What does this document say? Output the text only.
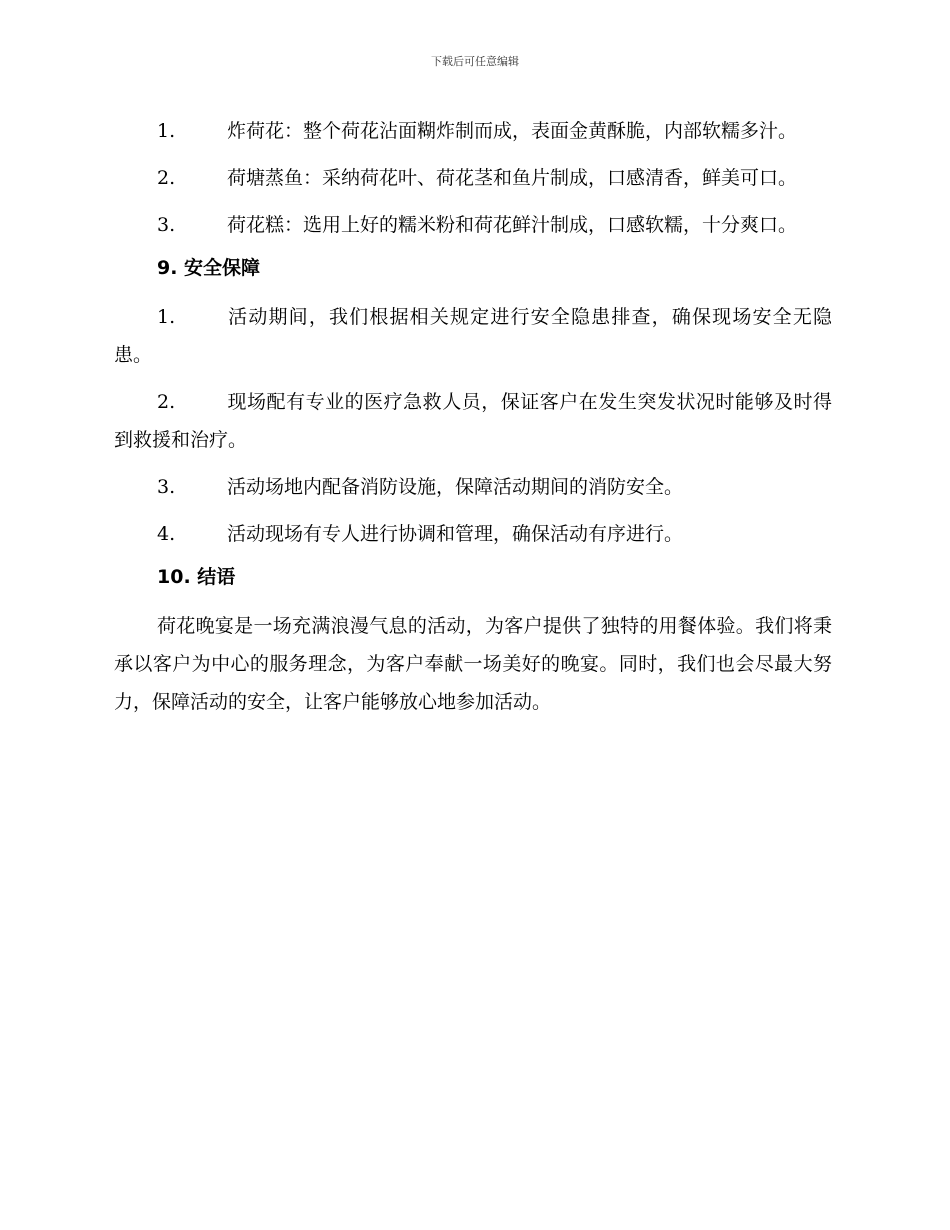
下载后可任意编辑
1.	炸荷花：整个荷花沾面糊炸制而成，表面金黄酥脆，内部软糯多汁。
2.	荷塘蒸鱼：采纳荷花叶、荷花茎和鱼片制成，口感清香，鲜美可口。
3.	荷花糕：选用上好的糯米粉和荷花鲜汁制成，口感软糯，十分爽口。
9. 安全保障
1.	活动期间，我们根据相关规定进行安全隐患排查，确保现场安全无隐患。
2.	现场配有专业的医疗急救人员，保证客户在发生突发状况时能够及时得到救援和治疗。
3.	活动场地内配备消防设施，保障活动期间的消防安全。
4.	活动现场有专人进行协调和管理，确保活动有序进行。
10. 结语

荷花晚宴是一场充满浪漫气息的活动，为客户提供了独特的用餐体验。我们将秉承以客户为中心的服务理念，为客户奉献一场美好的晚宴。同时，我们也会尽最大努力，保障活动的安全，让客户能够放心地参加活动。
